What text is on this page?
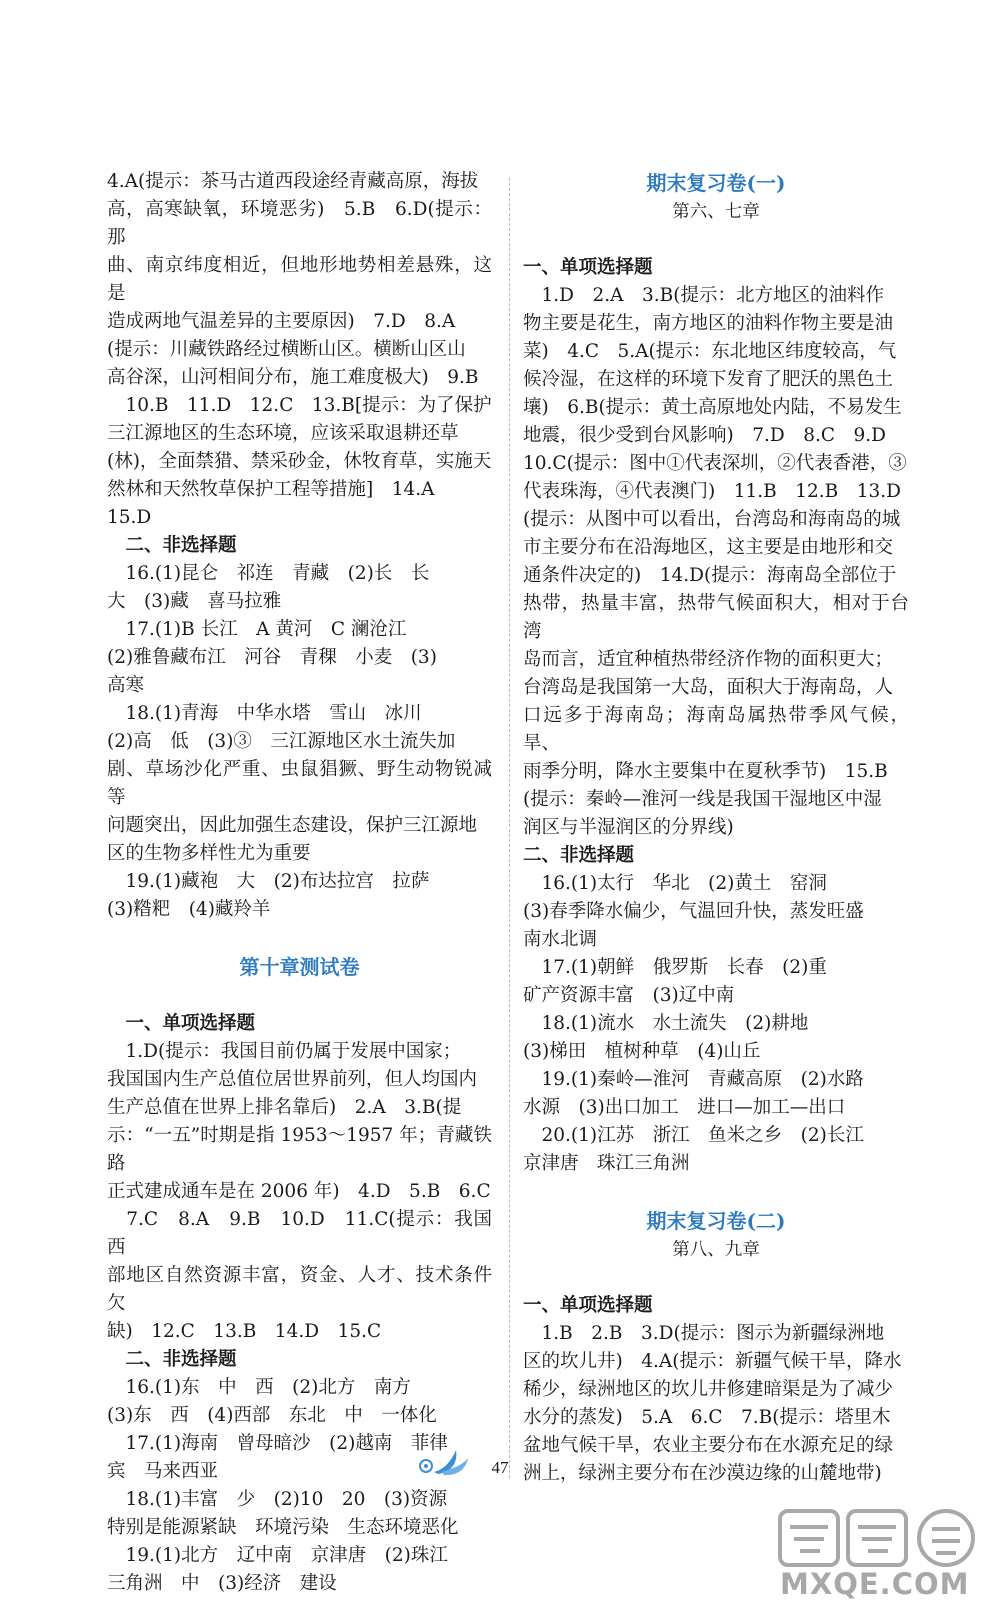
4.A(提示：茶马古道西段途经青藏高原，海拔
高，高寒缺氧，环境恶劣)　5.B　6.D(提示：那
曲、南京纬度相近，但地形地势相差悬殊，这是
造成两地气温差异的主要原因)　7.D　8.A
(提示：川藏铁路经过横断山区。横断山区山
高谷深，山河相间分布，施工难度极大)　9.B
　10.B　11.D　12.C　13.B[提示：为了保护
三江源地区的生态环境，应该采取退耕还草
(林)，全面禁猎、禁采砂金，休牧育草，实施天
然林和天然牧草保护工程等措施]　14.A
15.D
　二、非选择题
　16.(1)昆仑　祁连　青藏　(2)长　长
大　(3)藏　喜马拉雅
　17.(1)B 长江　A 黄河　C 澜沧江
(2)雅鲁藏布江　河谷　青稞　小麦　(3)
高寒
　18.(1)青海　中华水塔　雪山　冰川
(2)高　低　(3)③　三江源地区水土流失加
剧、草场沙化严重、虫鼠猖獗、野生动物锐减等
问题突出，因此加强生态建设，保护三江源地
区的生物多样性尤为重要
　19.(1)藏袍　大　(2)布达拉宫　拉萨
(3)糌粑　(4)藏羚羊
第十章测试卷
　一、单项选择题
　1.D(提示：我国目前仍属于发展中国家；
我国国内生产总值位居世界前列，但人均国内
生产总值在世界上排名靠后)　2.A　3.B(提
示：“一五”时期是指 1953～1957 年；青藏铁路
正式建成通车是在 2006 年)　4.D　5.B　6.C
　7.C　8.A　9.B　10.D　11.C(提示：我国西
部地区自然资源丰富，资金、人才、技术条件欠
缺)　12.C　13.B　14.D　15.C
　二、非选择题
　16.(1)东　中　西　(2)北方　南方
(3)东　西　(4)西部　东北　中　一体化
　17.(1)海南　曾母暗沙　(2)越南　菲律
宾　马来西亚
　18.(1)丰富　少　(2)10　20　(3)资源
特别是能源紧缺　环境污染　生态环境恶化
　19.(1)北方　辽中南　京津唐　(2)珠江
三角洲　中　(3)经济　建设
期末复习卷(一)
第六、七章
一、单项选择题
　1.D　2.A　3.B(提示：北方地区的油料作
物主要是花生，南方地区的油料作物主要是油
菜)　4.C　5.A(提示：东北地区纬度较高，气
候冷湿，在这样的环境下发育了肥沃的黑色土
壤)　6.B(提示：黄土高原地处内陆，不易发生
地震，很少受到台风影响)　7.D　8.C　9.D
10.C(提示：图中①代表深圳，②代表香港，③
代表珠海，④代表澳门)　11.B　12.B　13.D
(提示：从图中可以看出，台湾岛和海南岛的城
市主要分布在沿海地区，这主要是由地形和交
通条件决定的)　14.D(提示：海南岛全部位于
热带，热量丰富，热带气候面积大，相对于台湾
岛而言，适宜种植热带经济作物的面积更大；
台湾岛是我国第一大岛，面积大于海南岛，人
口远多于海南岛；海南岛属热带季风气候，旱、
雨季分明，降水主要集中在夏秋季节)　15.B
(提示：秦岭—淮河一线是我国干湿地区中湿
润区与半湿润区的分界线)
二、非选择题
　16.(1)太行　华北　(2)黄土　窑洞
(3)春季降水偏少，气温回升快，蒸发旺盛
南水北调
　17.(1)朝鲜　俄罗斯　长春　(2)重
矿产资源丰富　(3)辽中南
　18.(1)流水　水土流失　(2)耕地
(3)梯田　植树种草　(4)山丘
　19.(1)秦岭—淮河　青藏高原　(2)水路
水源　(3)出口加工　进口—加工—出口
　20.(1)江苏　浙江　鱼米之乡　(2)长江
京津唐　珠江三角洲
期末复习卷(二)
第八、九章
一、单项选择题
　1.B　2.B　3.D(提示：图示为新疆绿洲地
区的坎儿井)　4.A(提示：新疆气候干旱，降水
稀少，绿洲地区的坎儿井修建暗渠是为了减少
水分的蒸发)　5.A　6.C　7.B(提示：塔里木
盆地气候干旱，农业主要分布在水源充足的绿
洲上，绿洲主要分布在沙漠边缘的山麓地带)
47
MXQE.COM
